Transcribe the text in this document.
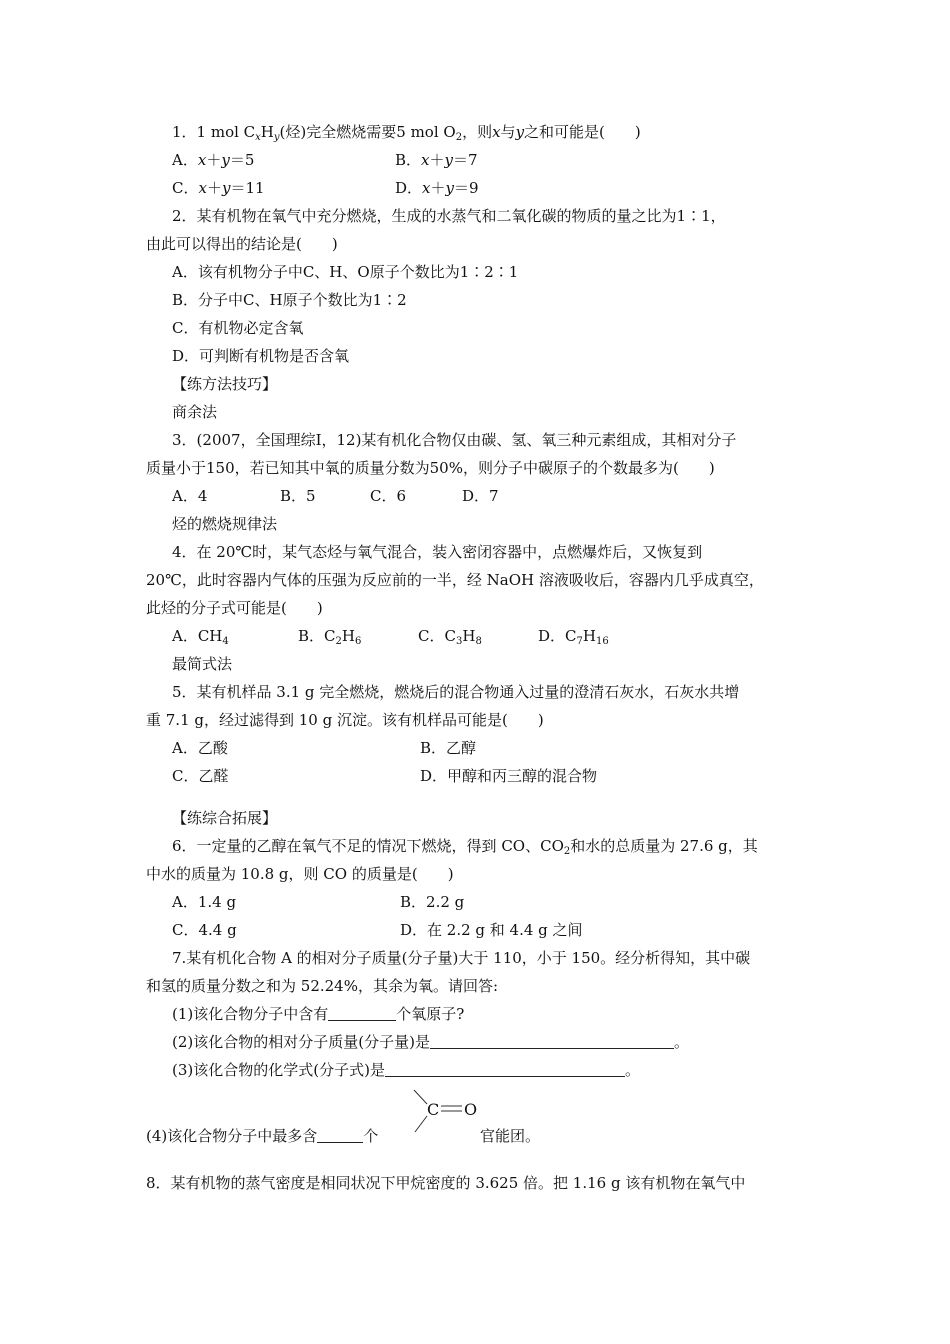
1．1 mol $C_xH_y$(烃)完全燃烧需要5 mol $O_2$，则x与y之和可能是(　　)
A．x＋y＝5	B．x＋y＝7
C．x＋y＝11	D．x＋y＝9
2．某有机物在氧气中充分燃烧，生成的水蒸气和二氧化碳的物质的量之比为1∶1，
由此可以得出的结论是(　　)
A．该有机物分子中C、H、O原子个数比为1∶2∶1
B．分子中C、H原子个数比为1∶2
C．有机物必定含氧
D．可判断有机物是否含氧
【练方法技巧】
商余法
3．(2007，全国理综Ⅰ，12)某有机化合物仅由碳、氢、氧三种元素组成，其相对分子
质量小于150，若已知其中氧的质量分数为50%，则分子中碳原子的个数最多为(　　)
A．4	B．5	C．6	D．7
烃的燃烧规律法
4．在 20℃时，某气态烃与氧气混合，装入密闭容器中，点燃爆炸后，又恢复到
20℃，此时容器内气体的压强为反应前的一半，经 NaOH 溶液吸收后，容器内几乎成真空，
此烃的分子式可能是(　　)
A．$CH_4$	B．$C_2H_6$	C．$C_3H_8$	D．$C_7H_{16}$
最简式法
5．某有机样品 3.1 g 完全燃烧，燃烧后的混合物通入过量的澄清石灰水，石灰水共增
重 7.1 g，经过滤得到 10 g 沉淀。该有机样品可能是(　　)
A．乙酸	B．乙醇
C．乙醛	D．甲醇和丙三醇的混合物
【练综合拓展】
6．一定量的乙醇在氧气不足的情况下燃烧，得到 CO、$CO_2$和水的总质量为 27.6 g，其
中水的质量为 10.8 g，则 CO 的质量是(　　)
A．1.4 g	B．2.2 g
C．4.4 g	D．在 2.2 g 和 4.4 g 之间
7.某有机化合物 A 的相对分子质量(分子量)大于 110，小于 150。经分析得知，其中碳
和氢的质量分数之和为 52.24%，其余为氧。请回答:
(1)该化合物分子中含有	个氧原子?
(2)该化合物的相对分子质量(分子量)是	。
(3)该化合物的化学式(分子式)是	。
C O
(4)该化合物分子中最多含	个	官能团。
8．某有机物的蒸气密度是相同状况下甲烷密度的 3.625 倍。把 1.16 g 该有机物在氧气中
